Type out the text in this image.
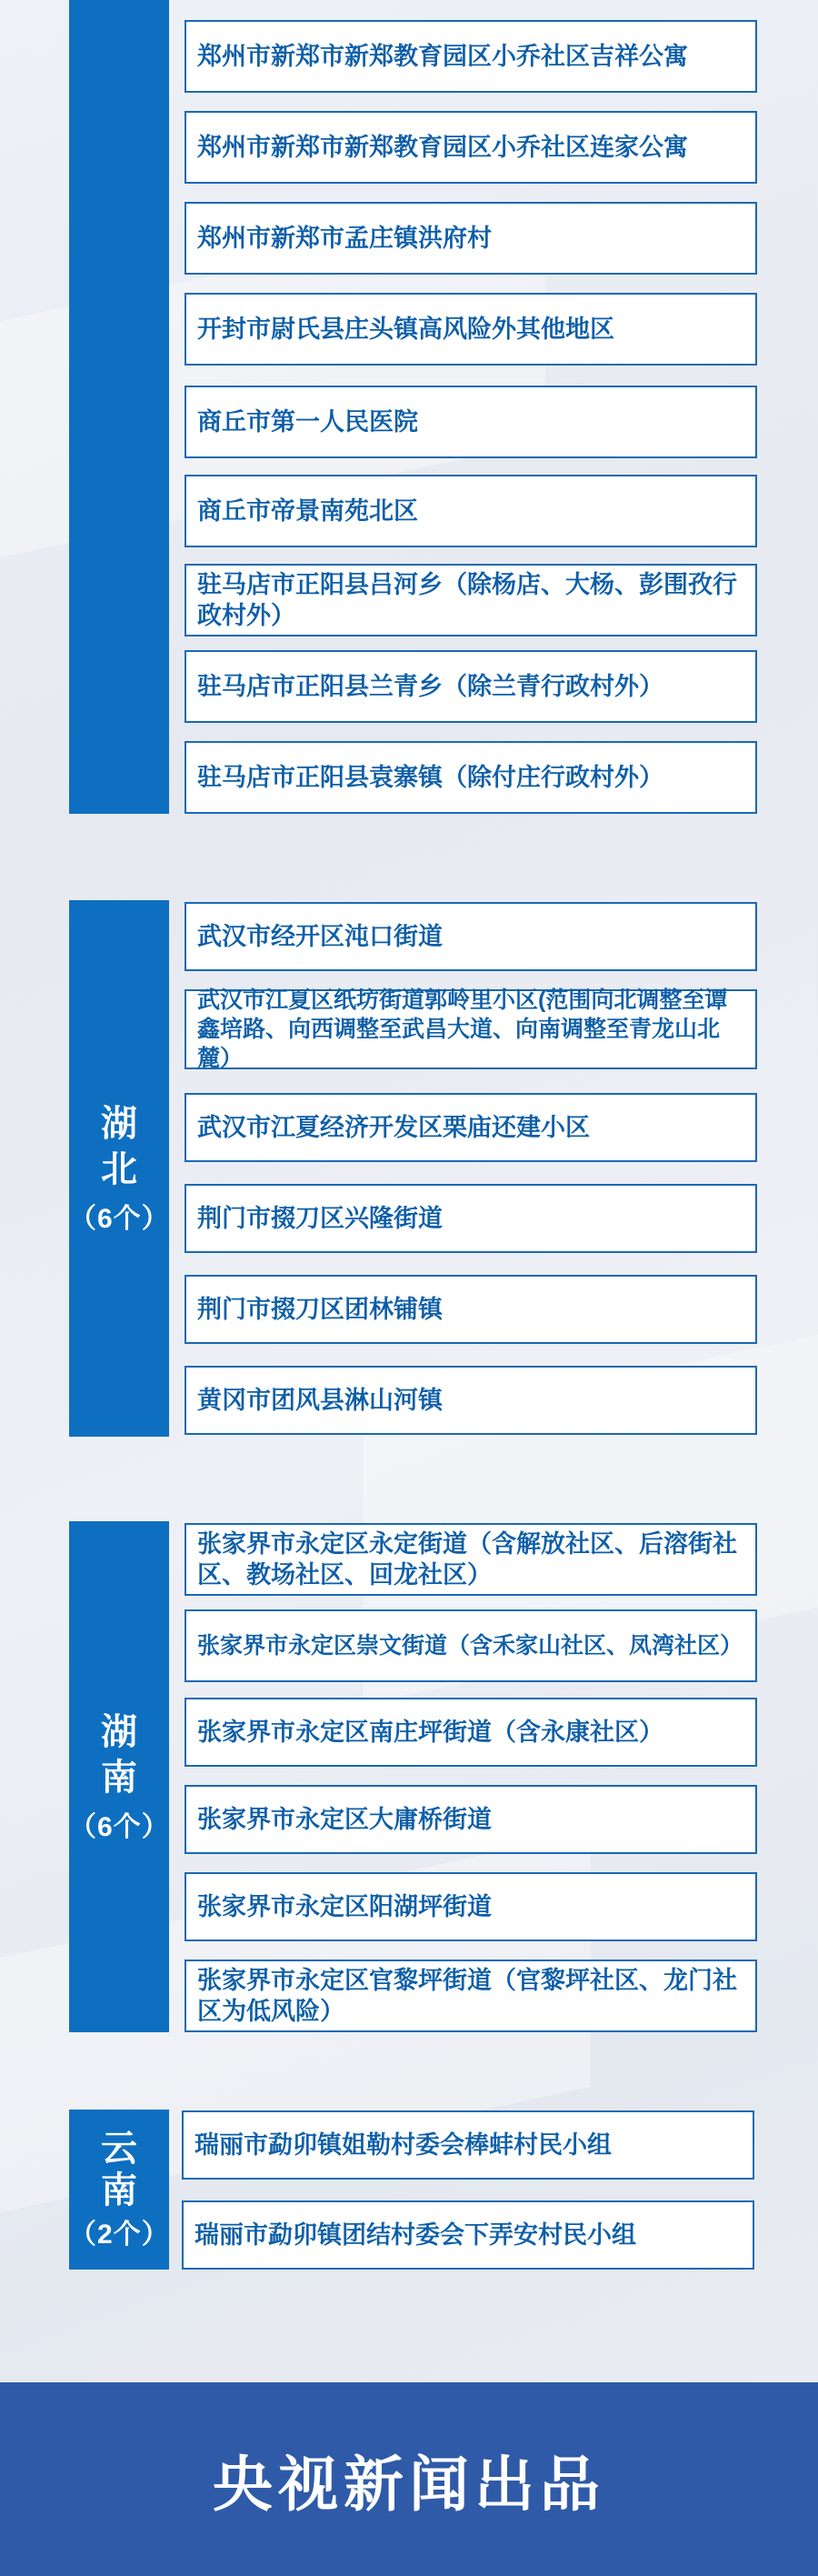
郑州市新郑市新郑教育园区小乔社区吉祥公寓
郑州市新郑市新郑教育园区小乔社区连家公寓
郑州市新郑市孟庄镇洪府村
开封市尉氏县庄头镇高风险外其他地区
商丘市第一人民医院
商丘市帝景南苑北区
驻马店市正阳县吕河乡（除杨店、大杨、彭围孜行政村外）
驻马店市正阳县兰青乡（除兰青行政村外）
驻马店市正阳县袁寨镇（除付庄行政村外）
湖北
（6个）
武汉市经开区沌口街道
武汉市江夏区纸坊街道郭岭里小区(范围向北调整至谭鑫培路、向西调整至武昌大道、向南调整至青龙山北麓）
武汉市江夏经济开发区栗庙还建小区
荆门市掇刀区兴隆街道
荆门市掇刀区团林铺镇
黄冈市团风县淋山河镇
湖南
（6个）
张家界市永定区永定街道（含解放社区、后溶街社区、教场社区、回龙社区）
张家界市永定区崇文街道（含禾家山社区、凤湾社区）
张家界市永定区南庄坪街道（含永康社区）
张家界市永定区大庸桥街道
张家界市永定区阳湖坪街道
张家界市永定区官黎坪街道（官黎坪社区、龙门社区为低风险）
云南
（2个）
瑞丽市勐卯镇姐勒村委会棒蚌村民小组
瑞丽市勐卯镇团结村委会下弄安村民小组
央视新闻出品
